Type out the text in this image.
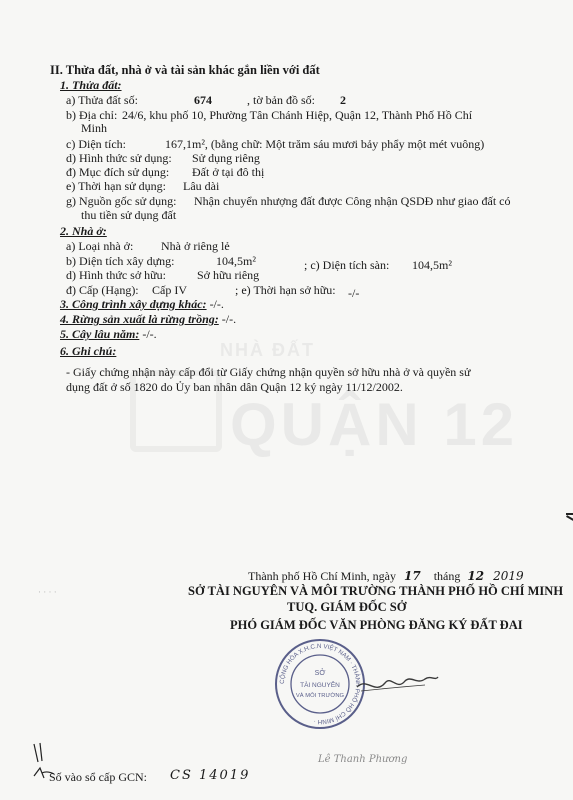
II. Thửa đất, nhà ở và tài sản khác gắn liền với đất
1. Thửa đất:
a) Thửa đất số:	674	, tờ bản đồ số: 2
b) Địa chỉ: 24/6, khu phố 10, Phường Tân Chánh Hiệp, Quận 12, Thành Phố Hồ Chí
Minh
c) Diện tích:	167,1m², (bằng chữ: Một trăm sáu mươi bảy phẩy một mét vuông)
d) Hình thức sử dụng: Sử dụng riêng
đ) Mục đích sử dụng: Đất ở tại đô thị
e) Thời hạn sử dụng: Lâu dài
g) Nguồn gốc sử dụng: Nhận chuyển nhượng đất được Công nhận QSDĐ như giao đất có
thu tiền sử dụng đất
2. Nhà ở:
a) Loại nhà ở: Nhà ở riêng lẻ
b) Diện tích xây dựng:	104,5m²	; c) Diện tích sàn: 104,5m²
d) Hình thức sở hữu:	Sở hữu riêng
đ) Cấp (Hạng): Cấp IV	; e) Thời hạn sở hữu: -/-
3. Công trình xây dựng khác: -/-.
4. Rừng sản xuất là rừng trồng: -/-.
5. Cây lâu năm: -/-.
6. Ghi chú:
- Giấy chứng nhận này cấp đổi từ Giấy chứng nhận quyền sở hữu nhà ở và quyền sử
dụng đất ở số 1820 do Ủy ban nhân dân Quận 12 ký ngày 11/12/2002.
NHÀ ĐẤT
QUẬN 12
· · · ·
Thành phố Hồ Chí Minh, ngày 17 tháng 12 2019
SỞ TÀI NGUYÊN VÀ MÔI TRƯỜNG THÀNH PHỐ HỒ CHÍ MINH
TUQ. GIÁM ĐỐC SỞ
PHÓ GIÁM ĐỐC VĂN PHÒNG ĐĂNG KÝ ĐẤT ĐAI
CỘNG HÒA X.H.C.N VIỆT NAM · THÀNH PHỐ HỒ CHÍ MINH ·
SỞ
TÀI NGUYÊN
VÀ MÔI TRƯỜNG
Lê Thanh Phương
Số vào sổ cấp GCN: CS 14019
